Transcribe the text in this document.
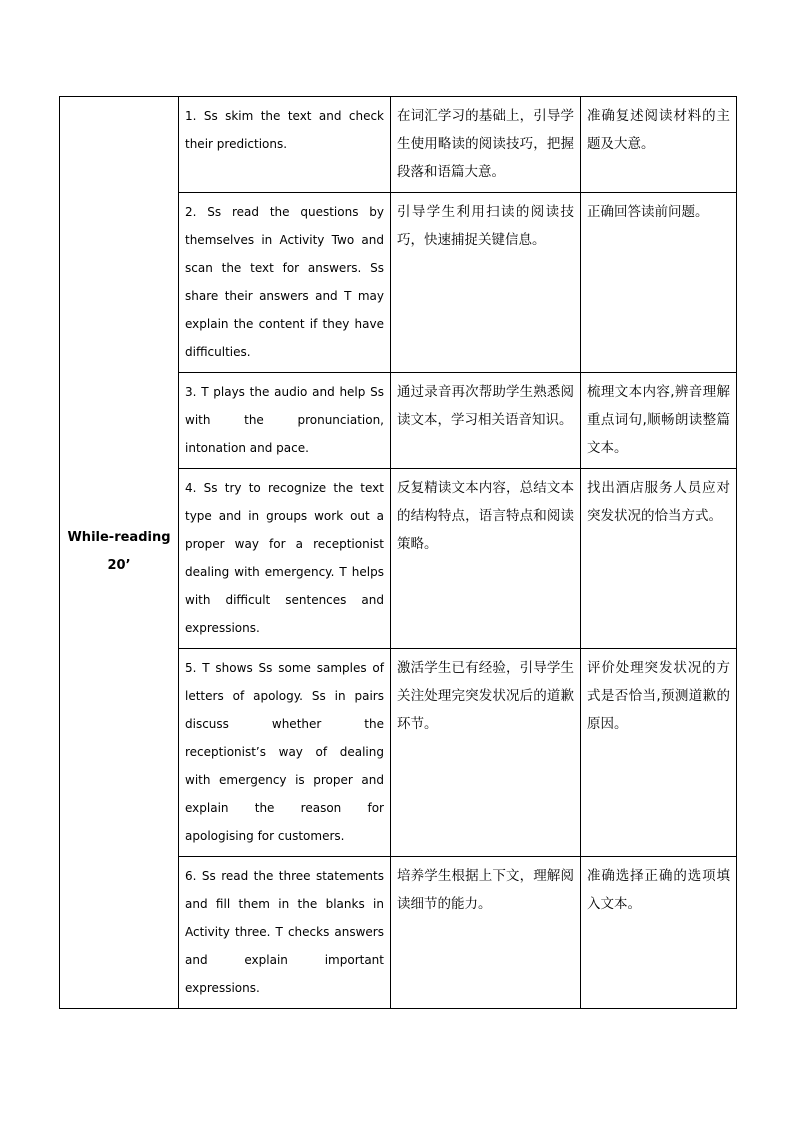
While-reading
20’	1. Ss skim the text and check their predictions.	在词汇学习的基础上，引导学生使用略读的阅读技巧，把握段落和语篇大意。	准确复述阅读材料的主题及大意。
	2. Ss read the questions by themselves in Activity Two and scan the text for answers. Ss share their answers and T may explain the content if they have difficulties.	引导学生利用扫读的阅读技巧，快速捕捉关键信息。	正确回答读前问题。
	3. T plays the audio and help Ss with the pronunciation, intonation and pace.	通过录音再次帮助学生熟悉阅读文本，学习相关语音知识。	梳理文本内容,辨音理解重点词句,顺畅朗读整篇文本。
	4. Ss try to recognize the text type and in groups work out a proper way for a receptionist dealing with emergency. T helps with difficult sentences and expressions.	反复精读文本内容，总结文本的结构特点，语言特点和阅读策略。	找出酒店服务人员应对突发状况的恰当方式。
	5. T shows Ss some samples of letters of apology. Ss in pairs discuss whether the receptionist’s way of dealing with emergency is proper and explain the reason for apologising for customers.	激活学生已有经验，引导学生关注处理完突发状况后的道歉环节。	评价处理突发状况的方式是否恰当,预测道歉的原因。
	6. Ss read the three statements and fill them in the blanks in Activity three. T checks answers and explain important expressions.	培养学生根据上下文，理解阅读细节的能力。	准确选择正确的选项填入文本。
